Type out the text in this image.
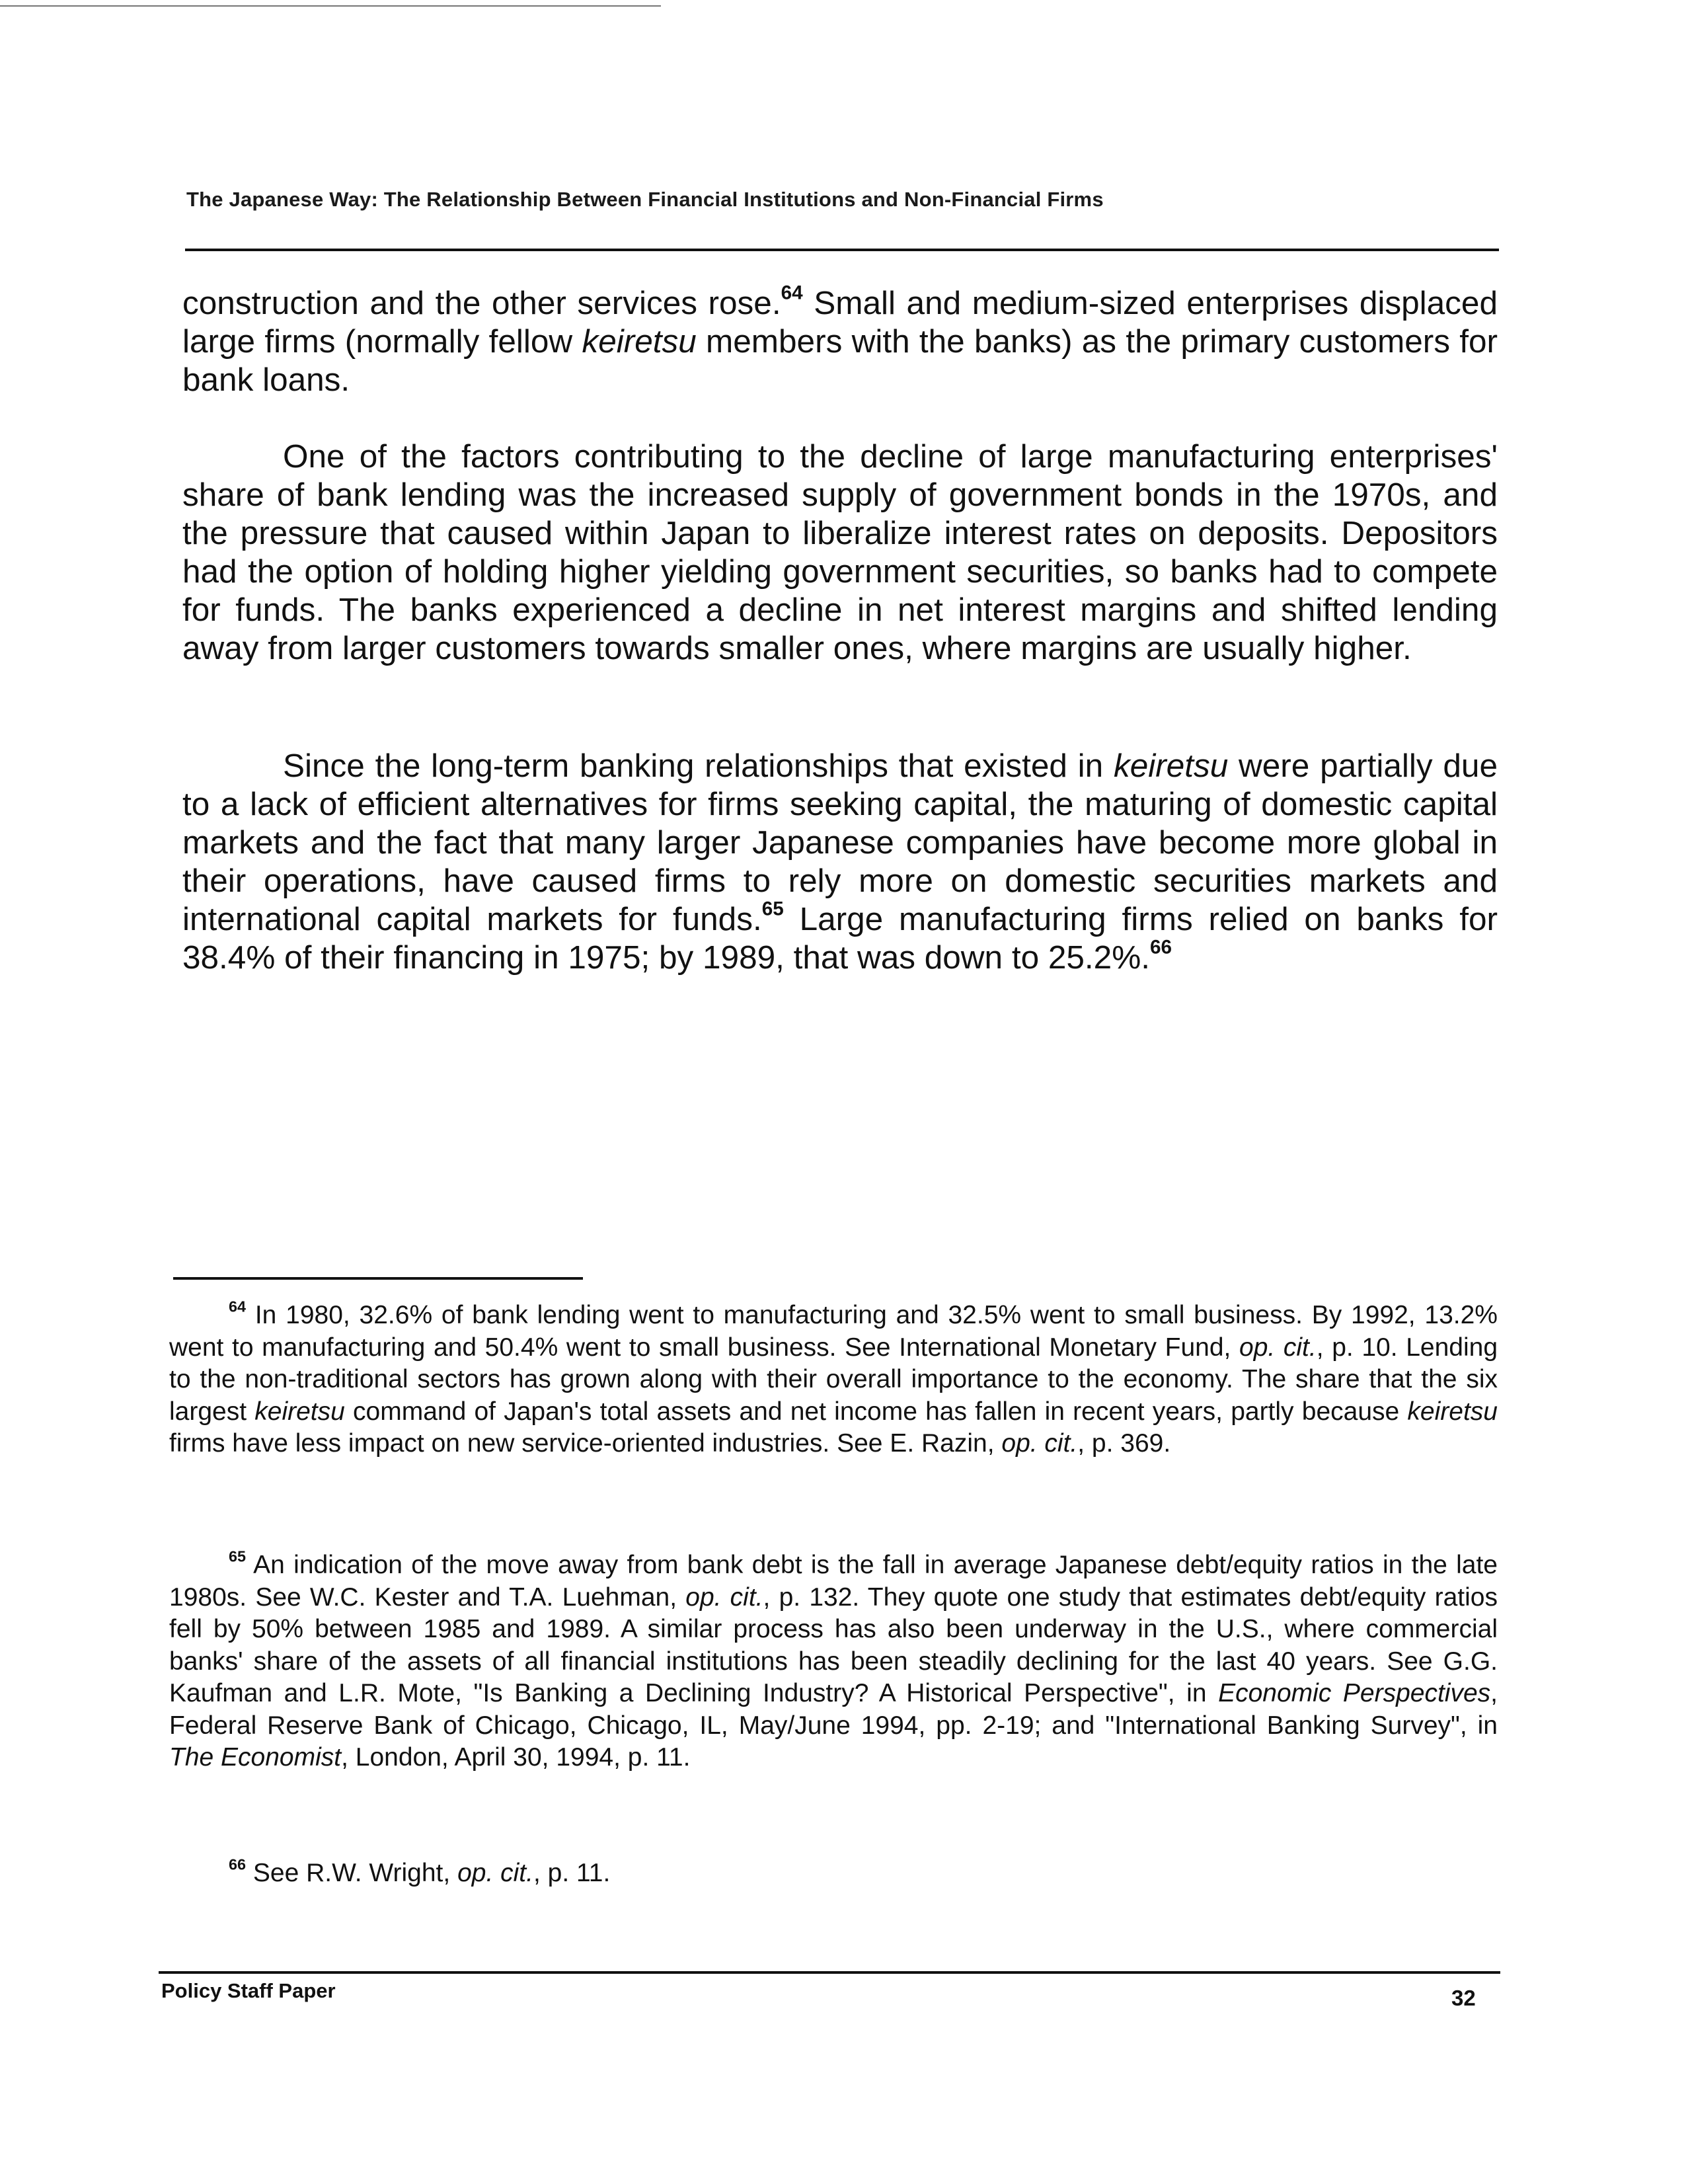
The Japanese Way: The Relationship Between Financial Institutions and Non-Financial Firms

construction and the other services rose.$^{64}$ Small and medium-sized enterprises displaced large firms (normally fellow keiretsu members with the banks) as the primary customers for bank loans.

One of the factors contributing to the decline of large manufacturing enterprises' share of bank lending was the increased supply of government bonds in the 1970s, and the pressure that caused within Japan to liberalize interest rates on deposits. Depositors had the option of holding higher yielding government securities, so banks had to compete for funds. The banks experienced a decline in net interest margins and shifted lending away from larger customers towards smaller ones, where margins are usually higher.

Since the long-term banking relationships that existed in keiretsu were partially due to a lack of efficient alternatives for firms seeking capital, the maturing of domestic capital markets and the fact that many larger Japanese companies have become more global in their operations, have caused firms to rely more on domestic securities markets and international capital markets for funds.$^{65}$ Large manufacturing firms relied on banks for 38.4% of their financing in 1975; by 1989, that was down to 25.2%.$^{66}$

$^{64}$ In 1980, 32.6% of bank lending went to manufacturing and 32.5% went to small business. By 1992, 13.2% went to manufacturing and 50.4% went to small business. See International Monetary Fund, op. cit., p. 10. Lending to the non-traditional sectors has grown along with their overall importance to the economy. The share that the six largest keiretsu command of Japan's total assets and net income has fallen in recent years, partly because keiretsu firms have less impact on new service-oriented industries. See E. Razin, op. cit., p. 369.

$^{65}$ An indication of the move away from bank debt is the fall in average Japanese debt/equity ratios in the late 1980s. See W.C. Kester and T.A. Luehman, op. cit., p. 132. They quote one study that estimates debt/equity ratios fell by 50% between 1985 and 1989. A similar process has also been underway in the U.S., where commercial banks' share of the assets of all financial institutions has been steadily declining for the last 40 years. See G.G. Kaufman and L.R. Mote, "Is Banking a Declining Industry? A Historical Perspective", in Economic Perspectives, Federal Reserve Bank of Chicago, Chicago, IL, May/June 1994, pp. 2-19; and "International Banking Survey", in The Economist, London, April 30, 1994, p. 11.

$^{66}$ See R.W. Wright, op. cit., p. 11.

Policy Staff Paper	32
